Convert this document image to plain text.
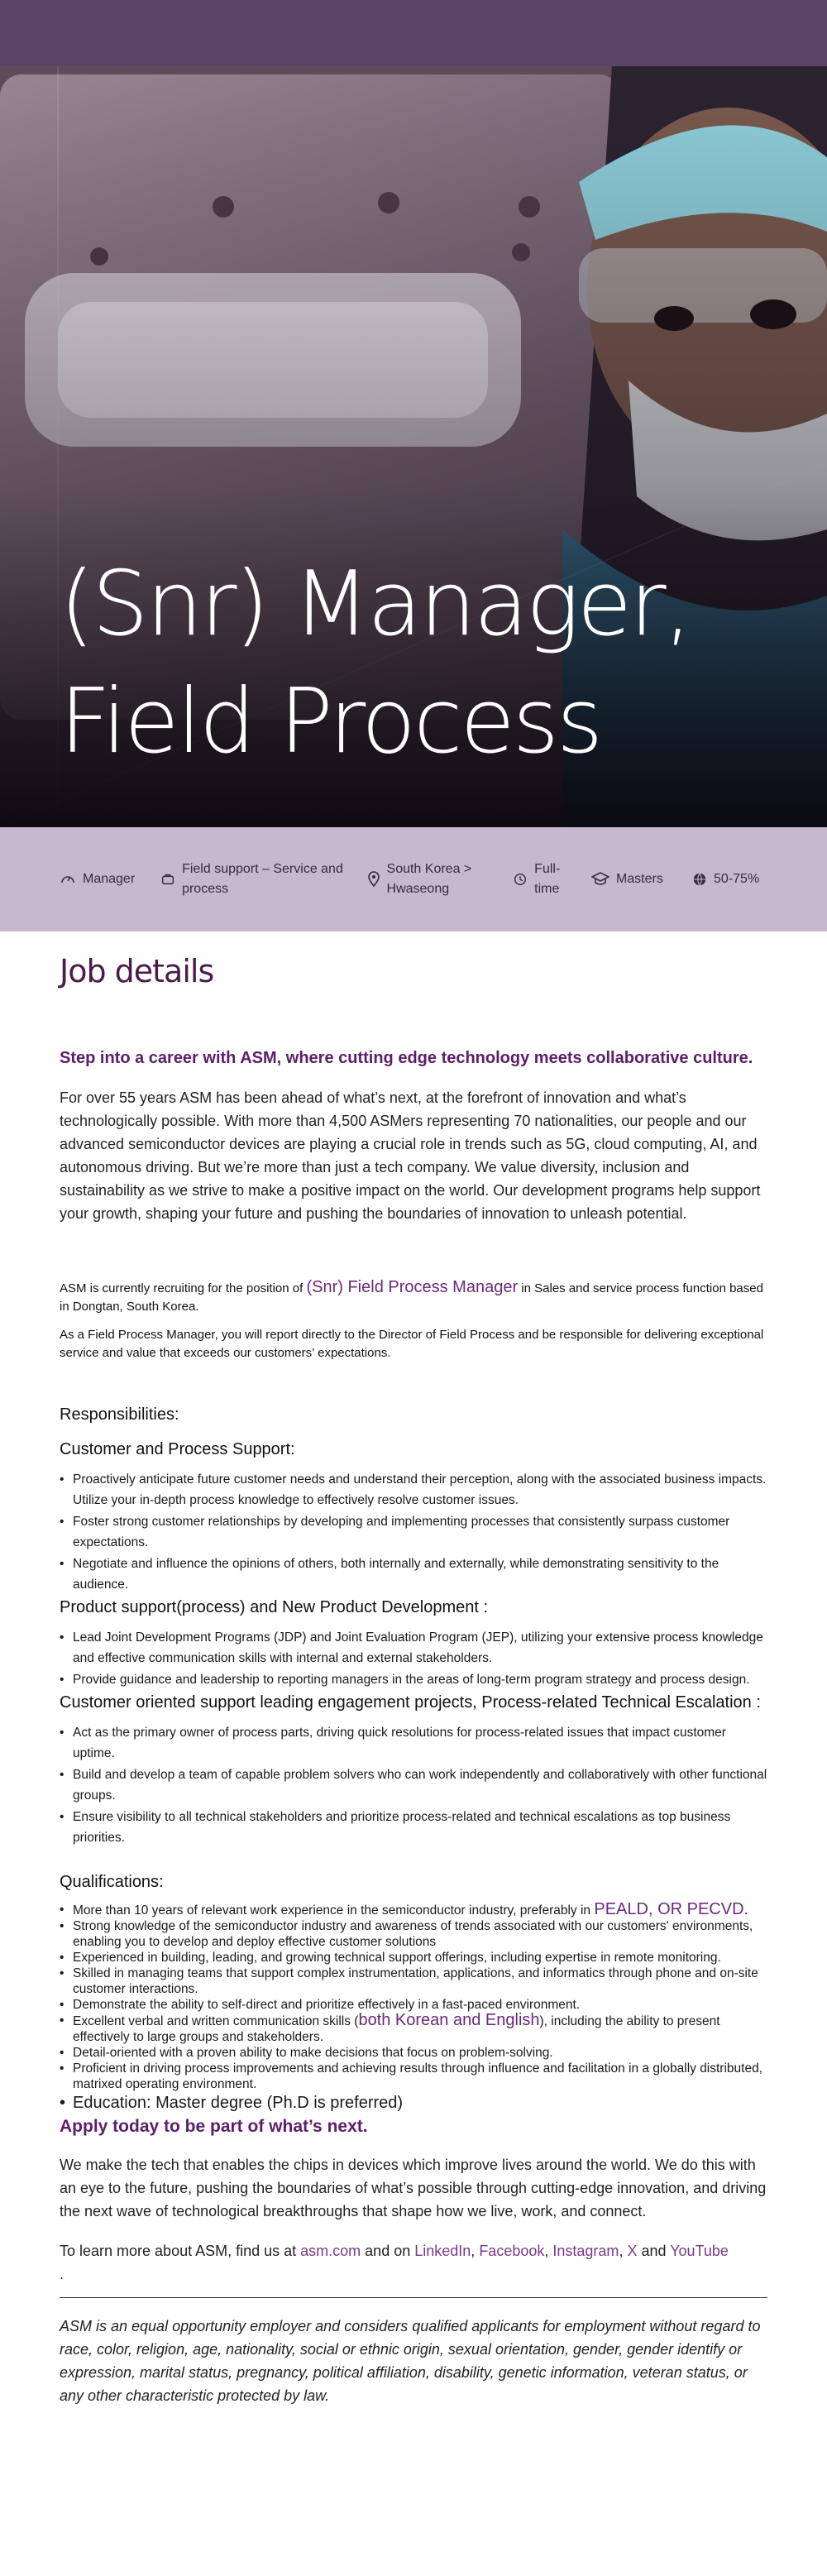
(Snr) Manager,
Field Process
Manager
Field support – Service and process
South Korea > Hwaseong
Full-time
Masters	50-75%
Job details

Step into a career with ASM, where cutting edge technology meets collaborative culture.

For over 55 years ASM has been ahead of what’s next, at the forefront of innovation and what’s technologically possible. With more than 4,500 ASMers representing 70 nationalities, our people and our advanced semiconductor devices are playing a crucial role in trends such as 5G, cloud computing, AI, and autonomous driving. But we’re more than just a tech company. We value diversity, inclusion and sustainability as we strive to make a positive impact on the world. Our development programs help support your growth, shaping your future and pushing the boundaries of innovation to unleash potential.

ASM is currently recruiting for the position of (Snr) Field Process Manager in Sales and service process function based in Dongtan, South Korea.

As a Field Process Manager, you will report directly to the Director of Field Process and be responsible for delivering exceptional service and value that exceeds our customers’ expectations.

Responsibilities:

Customer and Process Support:

• Proactively anticipate future customer needs and understand their perception, along with the associated business impacts. Utilize your in-depth process knowledge to effectively resolve customer issues.
• Foster strong customer relationships by developing and implementing processes that consistently surpass customer expectations.
• Negotiate and influence the opinions of others, both internally and externally, while demonstrating sensitivity to the audience.

Product support(process) and New Product Development :

• Lead Joint Development Programs (JDP) and Joint Evaluation Program (JEP), utilizing your extensive process knowledge and effective communication skills with internal and external stakeholders.
• Provide guidance and leadership to reporting managers in the areas of long-term program strategy and process design.

Customer oriented support leading engagement projects, Process-related Technical Escalation :

• Act as the primary owner of process parts, driving quick resolutions for process-related issues that impact customer uptime.
• Build and develop a team of capable problem solvers who can work independently and collaboratively with other functional groups.
• Ensure visibility to all technical stakeholders and prioritize process-related and technical escalations as top business priorities.

Qualifications:

• More than 10 years of relevant work experience in the semiconductor industry, preferably in PEALD, OR PECVD.
• Strong knowledge of the semiconductor industry and awareness of trends associated with our customers' environments, enabling you to develop and deploy effective customer solutions
• Experienced in building, leading, and growing technical support offerings, including expertise in remote monitoring.
• Skilled in managing teams that support complex instrumentation, applications, and informatics through phone and on-site customer interactions.
• Demonstrate the ability to self-direct and prioritize effectively in a fast-paced environment.
• Excellent verbal and written communication skills (both Korean and English), including the ability to present effectively to large groups and stakeholders.
• Detail-oriented with a proven ability to make decisions that focus on problem-solving.
• Proficient in driving process improvements and achieving results through influence and facilitation in a globally distributed, matrixed operating environment.
• Education: Master degree (Ph.D is preferred)

Apply today to be part of what’s next.

We make the tech that enables the chips in devices which improve lives around the world. We do this with an eye to the future, pushing the boundaries of what’s possible through cutting-edge innovation, and driving the next wave of technological breakthroughs that shape how we live, work, and connect.

To learn more about ASM, find us at asm.com and on LinkedIn, Facebook, Instagram, X and YouTube
.

ASM is an equal opportunity employer and considers qualified applicants for employment without regard to race, color, religion, age, nationality, social or ethnic origin, sexual orientation, gender, gender identify or expression, marital status, pregnancy, political affiliation, disability, genetic information, veteran status, or any other characteristic protected by law.
